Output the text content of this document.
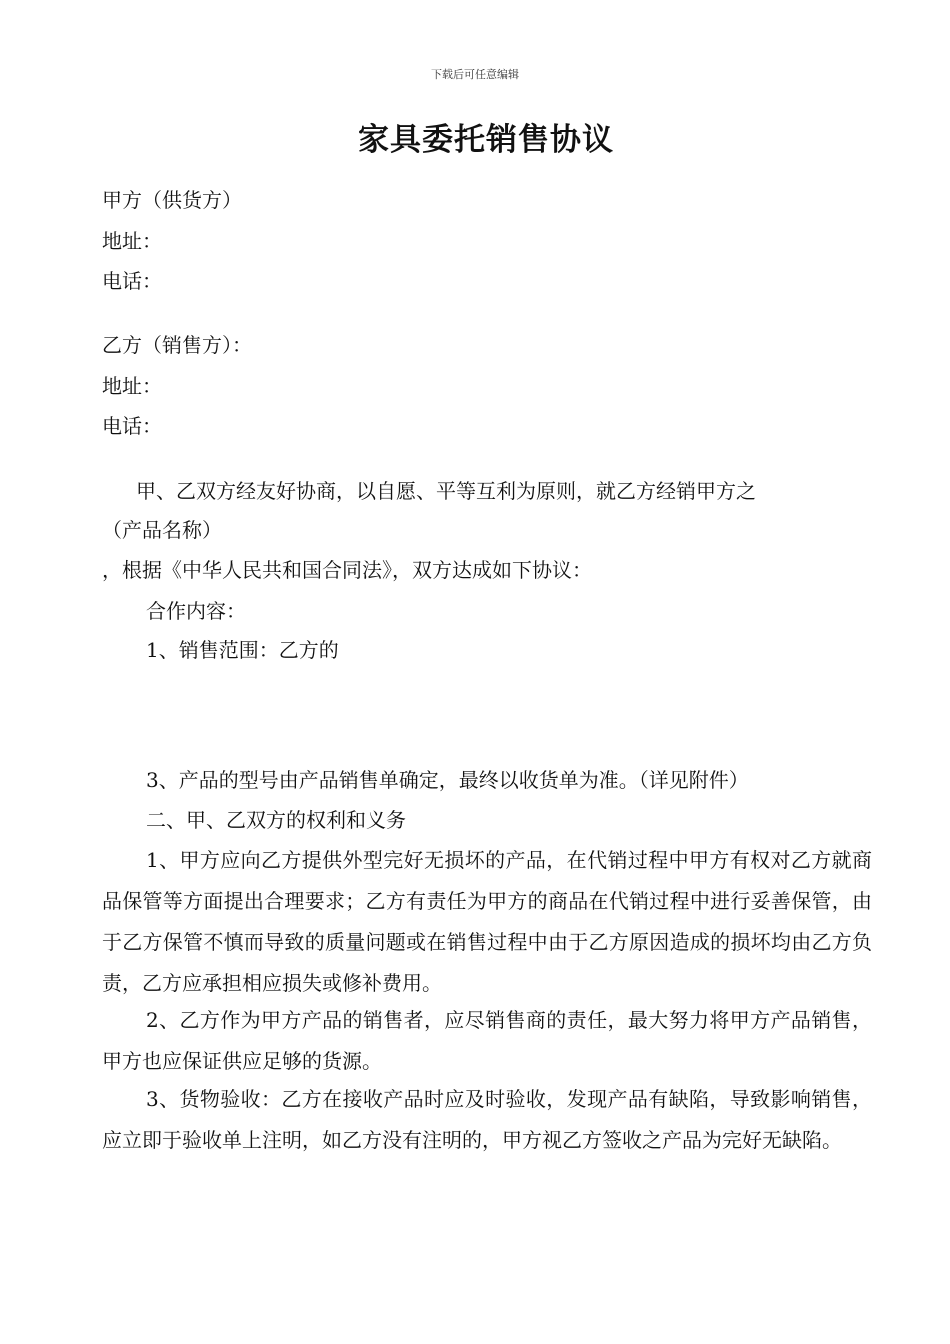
下载后可任意编辑
家具委托销售协议
甲方（供货方）
地址：
电话：
乙方（销售方）：
地址：
电话：
甲、乙双方经友好协商，以自愿、平等互利为原则，就乙方经销甲方之
（产品名称）
，根据《中华人民共和国合同法》，双方达成如下协议：
合作内容：
1、销售范围：乙方的
3、产品的型号由产品销售单确定，最终以收货单为准。（详见附件）
二、甲、乙双方的权利和义务
1、甲方应向乙方提供外型完好无损坏的产品，在代销过程中甲方有权对乙方就商品保管等方面提出合理要求；乙方有责任为甲方的商品在代销过程中进行妥善保管，由于乙方保管不慎而导致的质量问题或在销售过程中由于乙方原因造成的损坏均由乙方负责，乙方应承担相应损失或修补费用。
2、乙方作为甲方产品的销售者，应尽销售商的责任，最大努力将甲方产品销售，甲方也应保证供应足够的货源。
3、货物验收：乙方在接收产品时应及时验收，发现产品有缺陷，导致影响销售，应立即于验收单上注明，如乙方没有注明的，甲方视乙方签收之产品为完好无缺陷。
